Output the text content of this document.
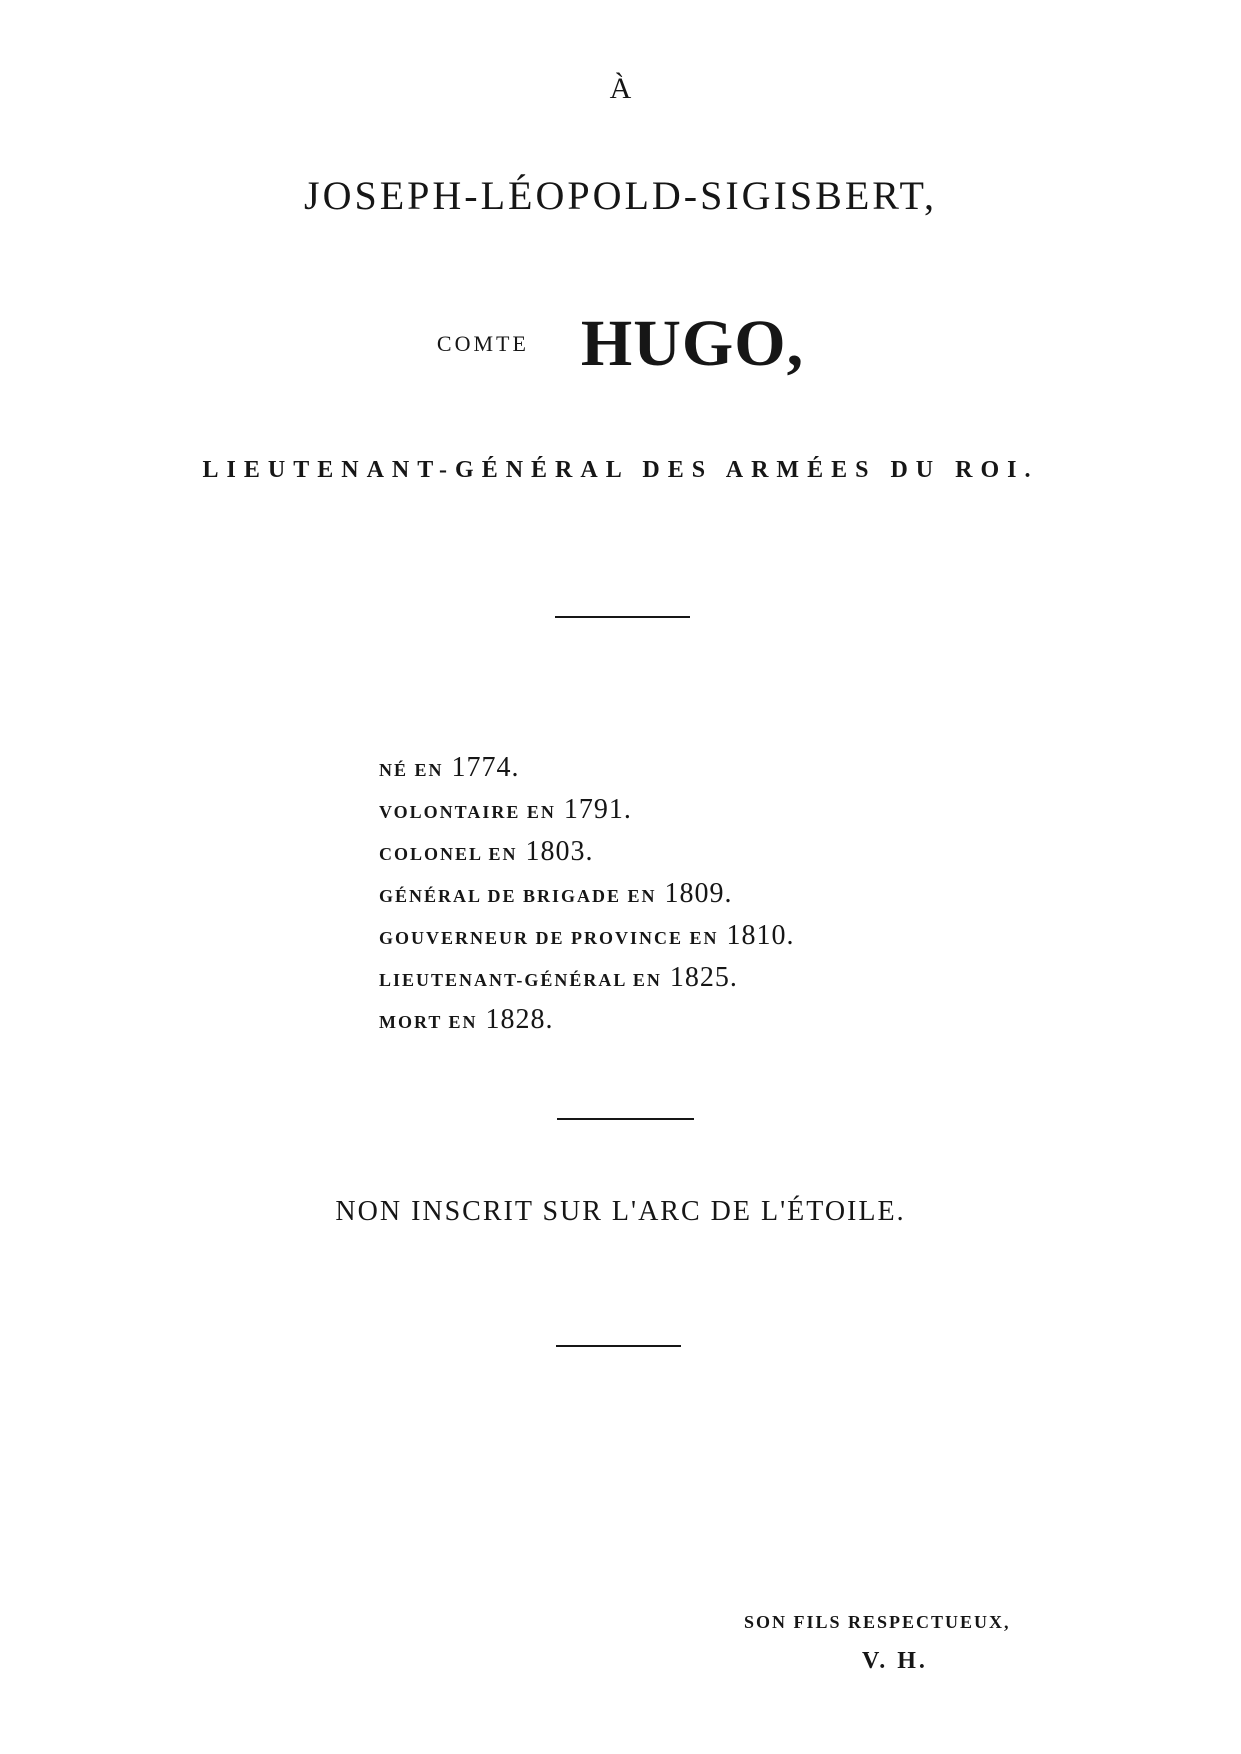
À
JOSEPH-LÉOPOLD-SIGISBERT,
COMTE HUGO,
LIEUTENANT-GÉNÉRAL DES ARMÉES DU ROI.
NÉ EN 1774.
VOLONTAIRE EN 1791.
COLONEL EN 1803.
GÉNÉRAL DE BRIGADE EN 1809.
GOUVERNEUR DE PROVINCE EN 1810.
LIEUTENANT-GÉNÉRAL EN 1825.
MORT EN 1828.
NON INSCRIT SUR L'ARC DE L'ÉTOILE.
SON FILS RESPECTUEUX,
V. H.
